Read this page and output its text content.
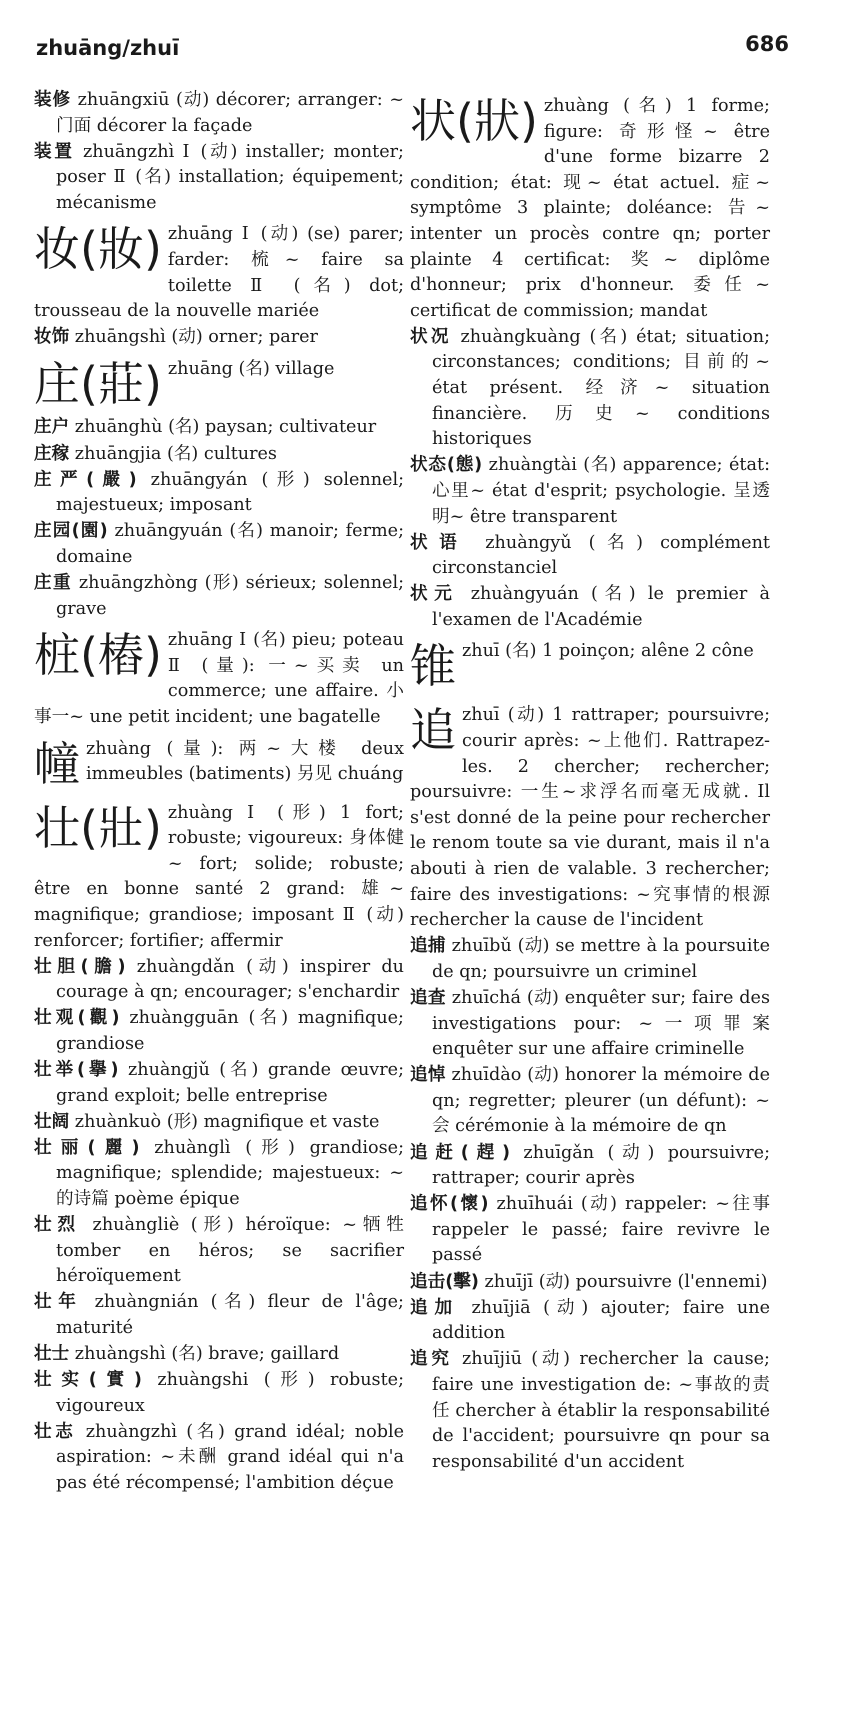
zhuāng/zhuī	686
装修 zhuāngxiū (动) décorer; arranger: ~门面 décorer la façade
装置 zhuāngzhì Ⅰ (动) installer; monter; poser Ⅱ (名) installation; équipement; mécanisme
妆(妝) zhuāng Ⅰ (动) (se) parer; farder: 梳~ faire sa toilette Ⅱ (名) dot; trousseau de la nouvelle mariée
妆饰 zhuāngshì (动) orner; parer
庄(莊) zhuāng (名) village
庄户 zhuānghù (名) paysan; cultivateur
庄稼 zhuāngjia (名) cultures
庄严(嚴) zhuāngyán (形) solennel; majestueux; imposant
庄园(園) zhuāngyuán (名) manoir; ferme; domaine
庄重 zhuāngzhòng (形) sérieux; solennel; grave
桩(樁) zhuāng Ⅰ (名) pieu; poteau Ⅱ (量): 一~买卖 un commerce; une affaire. 小事一~ une petit incident; une bagatelle
幢 zhuàng (量): 两~大楼 deux immeubles (batiments) 另见 chuáng
壮(壯) zhuàng Ⅰ (形) 1 fort; robuste; vigoureux: 身体健~ fort; solide; robuste; être en bonne santé 2 grand: 雄~ magnifique; grandiose; imposant Ⅱ (动) renforcer; fortifier; affermir
壮胆(膽) zhuàngdǎn (动) inspirer du courage à qn; encourager; s'enchardir
壮观(觀) zhuàngguān (名) magnifique; grandiose
壮举(擧) zhuàngjǔ (名) grande œuvre; grand exploit; belle entreprise
壮阔 zhuànkuò (形) magnifique et vaste
壮丽(麗) zhuànglì (形) grandiose; magnifique; splendide; majestueux: ~的诗篇 poème épique
壮烈 zhuàngliè (形) héroïque: ~牺牲 tomber en héros; se sacrifier héroïquement
壮年 zhuàngnián (名) fleur de l'âge; maturité
壮士 zhuàngshì (名) brave; gaillard
壮实(實) zhuàngshi (形) robuste; vigoureux
壮志 zhuàngzhì (名) grand idéal; noble aspiration: ~未酬 grand idéal qui n'a pas été récompensé; l'ambition déçue
状(狀) zhuàng (名) 1 forme; figure: 奇形怪~ être d'une forme bizarre 2 condition; état: 现~ état actuel. 症~ symptôme 3 plainte; doléance: 告~ intenter un procès contre qn; porter plainte 4 certificat: 奖~ diplôme d'honneur; prix d'honneur. 委任~ certificat de commission; mandat
状况 zhuàngkuàng (名) état; situation; circonstances; conditions; 目前的~ état présent. 经济~ situation financière. 历史~ conditions historiques
状态(態) zhuàngtài (名) apparence; état: 心里~ état d'esprit; psychologie. 呈透明~ être transparent
状语 zhuàngyǔ (名) complément circonstanciel
状元 zhuàngyuán (名) le premier à l'examen de l'Académie
锥 zhuī (名) 1 poinçon; alêne 2 cône
追 zhuī (动) 1 rattraper; poursuivre; courir après: ~上他们. Rattrapez-les. 2 chercher; rechercher; poursuivre: 一生~求浮名而毫无成就. Il s'est donné de la peine pour rechercher le renom toute sa vie durant, mais il n'a abouti à rien de valable. 3 rechercher; faire des investigations: ~究事情的根源 rechercher la cause de l'incident
追捕 zhuībǔ (动) se mettre à la poursuite de qn; poursuivre un criminel
追查 zhuīchá (动) enquêter sur; faire des investigations pour: ~一项罪案 enquêter sur une affaire criminelle
追悼 zhuīdào (动) honorer la mémoire de qn; regretter; pleurer (un défunt): ~会 cérémonie à la mémoire de qn
追赶(趕) zhuīgǎn (动) poursuivre; rattraper; courir après
追怀(懷) zhuīhuái (动) rappeler: ~往事 rappeler le passé; faire revivre le passé
追击(擊) zhuījī (动) poursuivre (l'ennemi)
追加 zhuījiā (动) ajouter; faire une addition
追究 zhuījiū (动) rechercher la cause; faire une investigation de: ~事故的责任 chercher à établir la responsabilité de l'accident; poursuivre qn pour sa responsabilité d'un accident
